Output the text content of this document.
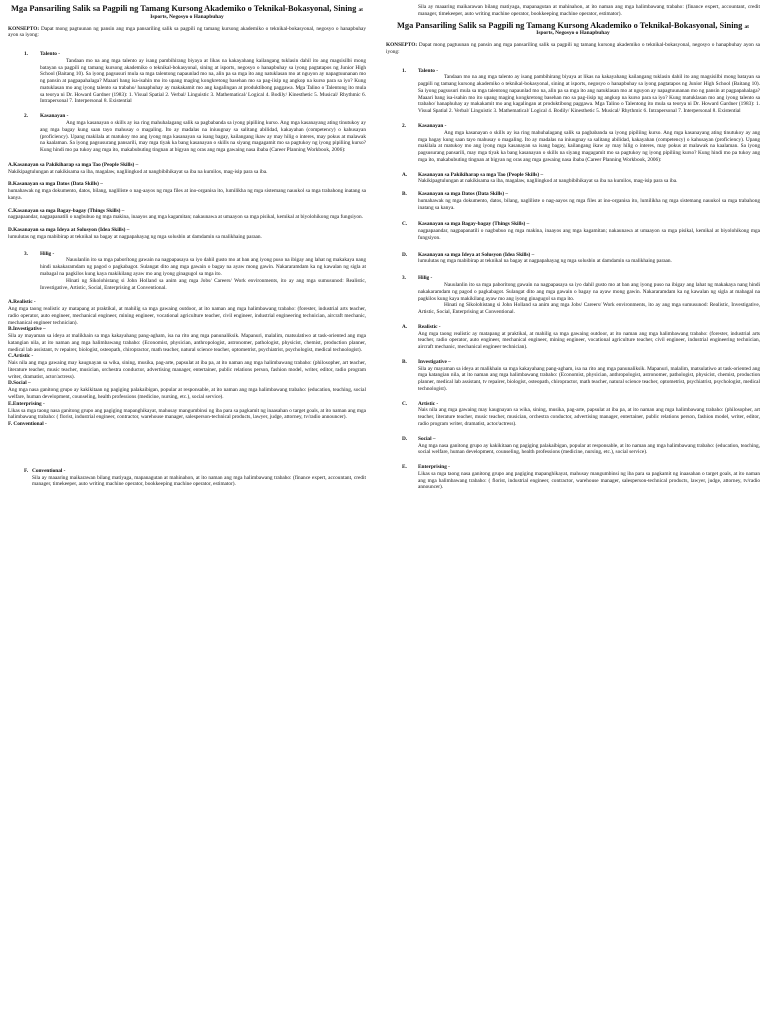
Mga Pansariling Salik sa Pagpili ng Tamang Kursong Akademiko o Teknikal-Bokasyonal, Sining at

Isports, Negosyo o Hanapbuhay

KONSEPTO: Dapat mong pagtuunan ng pansin ang mga pansariling salik sa pagpili ng tamang kursong akademiko o teknikal-bokasyonal, negosyo o hanapbuhay ayon sa iyong:

1.	Talento -

Tandaan mo na ang mga talento ay isang pambihirang biyaya at likas na kakayahang kailangang tuklasin dahil ito ang magsisilbi mong batayan sa pagpili ng tamang kursong akademiko o teknikal-bokasyonal, sining at isports, negosyo o hanapbuhay sa iyong pagtatapos ng Junior High School (Baitang 10). Sa iyong pagsusuri mula sa mga talentong napaunlad mo na, alin pa sa mga ito ang natuklasan mo at nguyon ay napagtuunanan mo ng pansin at pagpapahalaga? Maaari bang isa-isahin mo ito upang maging kongkretong basehan mo sa pag-iisip ng angkop na kurso para sa iyo? Kung matuklasan mo ang iyong talento sa trabaho/ hanaphuhay ay makakamit mo ang kagalingan at produktibong paggawa. Mga Talino o Talentong ito mula sa teorya ni Dr. Howard Gardner (1983): 1. Visual Spatial 2. Verbal/ Linguistic 3. Mathematical/ Logical 4. Bodily/ Kinesthetic 5. Musical/ Rhythmic 6. Intrapersonal 7. Interpersonal 8. Existential

2.	Kasanayan -

Ang mga kasanayan o skills ay isa ring mahuhalagang salik sa pagbabanda sa iyong pipiliing kurso. Ang mga kasanayang ating tinutukoy ay ang mga bagay kung saan tayo mahusay o magaling. Ito ay madalas na iniuugnay sa salitang abilidad, kakayahan (competency) o kahusayan (proficiency). Upang makilala at matukoy mo ang iyong mga kasanayan sa isang bagay, kailangang ikaw ay may hilig o interes, may pokus at malawak na kaalaman. Sa iyong pagsusurang pansarili, may mga tiyak ka bang kasanayan o skills na siyang magagamit mo sa pagtukoy ng iyong pipiliing kurso? Kung hindi mo pa tukoy ang mga ito, makabubuting tingnan at bigyan ng oras ang mga gawaing nasa ibaba (Career Planning Workbook, 2006):

A.Kasanayan sa Pakikiharap sa mga Tao (People Skills) –
Nakikipagtulungan at nakikisama sa iba, magalaw, nagliingkod at nangbibihikayat sa iba na kumilos, mag-isip para sa iba.
B.Kasanayan sa mga Datos (Data Skills) –
humahawak ng mga dokumento, datos, bilang, nagliliste o nag-aayos ng mga files at ino-organisa ito, lumilikha ng mga sistemang nauukol sa mga trabahong inatang sa kanya.
C.Kasanayan sa mga Bagay-bagay (Things Skills) –
nagpapaandar, nagpapanatili o nagbubuo ng mga makina, inaayos ang mga kagamitan; nakaunawa at umaayon sa mga pisikal, kemikal at biyolohikong mga fungsiyon.
D.Kasanayan sa mga Ideya at Solusyon (Idea Skills) –
lumulutas ng mga mabibirap at teknikal na bagay at nagpapahayag ng mga solusbin at damdamin sa malikhaing paraan.
3.	Hilig -

Nauulanlin ito sa mga paborítong gawain na nagpapasaya sa iyo dahil gusto mo at ban ang iyong puso na ibigay ang lahat ng makakaya nang hindi nakakaramdam ng pagod o pagkabagot. Sulangat dito ang mga gawain o bagay na ayaw mong gawin. Nakararamdam ka ng kawalan ng sigla at mabagal na pagkilos kung kaya makikilang ayaw mo ang iyong ginagugol sa mga ito.

Hinati ng Sikolohistang si John Holland sa anim ang mga Jobs/ Careers/ Work environments, ito ay ang mga sumusunod: Realistic, Investigative, Artistic, Social, Enterprising at Conventional.

A.Realistic -
Ang mga taong realistic ay matapang at praktikal, at mahilig sa mga gawaing outdoor, at ito naman ang mga halimbawang trabaho: (forester, industrial arts teacher, radio operator, auto engineer, mechanical engineer, mining engineer, vocational agriculture teacher, civil engineer, industrial engineering technician, aircraft mechanic, mechanical engineer technician).
B.Investigative –
Sila ay mayaman sa ideya at malikhain sa mga kakayahang pang-agham, isa na rito ang mga panunaliksik. Mapanuri, malalim, matsulatiwo at task-oriented ang mga katangian nila, at ito naman ang mga halimbawang trabaho: (Economist, physician, anthropologist, astronomer, pathologist, physicist, chemist, production planner, medical lab assistant, tv repairer, biologist, osteopath, chiropractor, math teacher, natural science teacher, optometrist, psychiatrist, psychologist, medical technologist).
C.Artistic -
Nais nila ang mga gawaing may kaugnayan sa wika, sining, musika, pag-arte, papsulat at iba pa, at ito naman ang mga halimbawang trabaho: (philosopher, art teacher, literature teacher, music teacher, musician, orchestra conductor, advertising manager, entertainer, public relations person, fashion model, writer, editor, radio program writer, dramatist, actor/actress).
D.Social –
Ang mga nasa ganitong grupo ay kakikitaan ng pagiging palakaibigan, popular at responsable, at ito naman ang mga halimbawang trabaho: (education, teaching, social welfare, human development, counseling, health professions (medicine, nursing, etc.), social service).
E.Enterprising -
Likas sa mga taong nasa ganitong grupo ang pagiging mapanghikayat, mahusay mangumbinsi ng iba para sa pagkamit ng inaasahan o target goals, at ito naman ang mga halimbawang trabaho: ( florist, industrial engineer, contractor, warehouse manager, salesperson-technical products, lawyer, judge, attorney, tv/radio announcer).
F. Conventional -
F. Conventional -
Sila ay maaaring maikarawan bilang matiyaga, mapanagutan at mahinahon, at ito naman ang mga halimbawang trabaho: (finance expert, accountant, credit manager, timekeeper, auto writing machine operator, bookkeeping machine operator, estimator).

Sila ay maaaring maikarawan bilang matiyaga, mapanagutan at mahinahon, at ito naman ang mga halimbawang trabaho: (finance expert, accountant, credit manager, timekeeper, auto writing machine operator, bookkeeping machine operator, estimator).

Mga Pansariling Salik sa Pagpili ng Tamang Kursong Akademiko o Teknikal-Bokasyonal, Sining at

Isports, Negosyo o Hanapbuhay

KONSEPTO: Dapat mong pagtuunan ng pansin ang mga pansariling salik sa pagpili ng tamang kursong akademiko o teknikal-bokasyonal, negosyo o hanapbuhay ayon sa iyong:

1.	Talento -

Tandaan mo na ang mga talento ay isang pambihirang biyaya at likas na kakayahang kailangang tuklasin dahil ito ang magsisilbi mong batayan sa pagpili ng tamang kursong akademiko o teknikal-bokasyonal, sining at isports, negosyo o hanapbuhay sa iyong pagtatapos ng Junior High School (Baitang 10). Sa iyong pagsusuri mula sa mga talentong napaunlad mo na, alin pa sa mga ito ang natuklasan mo at nguyon ay napagtuunanan mo ng pansin at pagpapahalaga? Maaari bang isa-isahin mo ito upang maging kongkretong basehan mo sa pag-iisip ng angkop na kurso para sa iyo? Kung matuklasan mo ang iyong talento sa trabaho/ hanaphuhay ay makakamit mo ang kagalingan at produktibong paggawa. Mga Talino o Talentong ito mula sa teorya ni Dr. Howard Gardner (1983): 1. Visual Spatial 2. Verbal/ Linguistic 3. Mathematical/ Logical 4. Bodily/ Kinesthetic 5. Musical/ Rhythmic 6. Intrapersonal 7. Interpersonal 8. Existential

2.	Kasanayan -

Ang mga kasanayan o skills ay isa ring mahuhalagang salik sa pagbabanda sa iyong pipiliing kurso. Ang mga kasanayang ating tinutukoy ay ang mga bagay kung saan tayo mahusay o magaling. Ito ay madalas na iniuugnay sa salitang abilidad, kakayahan (competency) o kahusayan (proficiency). Upang makilala at matukoy mo ang iyong mga kasanayan sa isang bagay, kailangang ikaw ay may hilig o interes, may pokus at malawak na kaalaman. Sa iyong pagsusurang pansarili, may mga tiyak ka bang kasanayan o skills na siyang magagamit mo sa pagtukoy ng iyong pipiliing kurso? Kung hindi mo pa tukoy ang mga ito, makabubuting tingnan at bigyan ng oras ang mga gawaing nasa ibaba (Career Planning Workbook, 2006):

A.	Kasanayan sa Pakikiharap sa mga Tao (People Skills) –
Nakikipagtulungan at nakikisama sa iba, magalaw, nagliingkod at nangbibihikayat sa iba na kumilos, mag-isip para sa iba.
B.	Kasanayan sa mga Datos (Data Skills) –
humahawak ng mga dokumento, datos, bilang, nagliliste o nag-aayos ng mga files at ino-organisa ito, lumilikha ng mga sistemang nauukol sa mga trabahong inatang sa kanya.
C.	Kasanayan sa mga Bagay-bagay (Things Skills) –
nagpapaandar, nagpapanatili o nagbubuo ng mga makina, inaayos ang mga kagamitan; nakaunawa at umaayon sa mga pisikal, kemikal at biyolohikong mga fungsiyon.
D.	Kasanayan sa mga Ideya at Solusyon (Idea Skills) –
lumulutas ng mga mabibirap at teknikal na bagay at nagpapahayag ng mga solusbin at damdamin sa malikhaing paraan.
3.	Hilig -

Nauulanlin ito sa mga paborítong gawain na nagpapasaya sa iyo dahil gusto mo at ban ang iyong puso na ibigay ang lahat ng makakaya nang hindi nakakaramdam ng pagod o pagkabagot. Sulangat dito ang mga gawain o bagay na ayaw mong gawin. Nakararamdam ka ng kawalan ng sigla at mabagal na pagkilos kung kaya makikilang ayaw mo ang iyong ginagugol sa mga ito.

Hinati ng Sikolohistang si John Holland sa anim ang mga Jobs/ Careers/ Work environments, ito ay ang mga sumusunod: Realistic, Investigative, Artistic, Social, Enterprising at Conventional.

A.	Realistic -
Ang mga taong realistic ay matapang at praktikal, at mahilig sa mga gawaing outdoor, at ito naman ang mga halimbawang trabaho: (forester, industrial arts teacher, radio operator, auto engineer, mechanical engineer, mining engineer, vocational agriculture teacher, civil engineer, industrial engineering technician, aircraft mechanic, mechanical engineer technician).
B.	Investigative –
Sila ay mayaman sa ideya at malikhain sa mga kakayahang pang-agham, isa na rito ang mga panunaliksik. Mapanuri, malalim, matsulatiwo at task-oriented ang mga katangian nila, at ito naman ang mga halimbawang trabaho: (Economist, physician, anthropologist, astronomer, pathologist, physicist, chemist, production planner, medical lab assistant, tv repairer, biologist, osteopath, chiropractor, math teacher, natural science teacher, optometrist, psychiatrist, psychologist, medical technologist).
C.	Artistic -
Nais nila ang mga gawaing may kaugnayan sa wika, sining, musika, pag-arte, papsulat at iba pa, at ito naman ang mga halimbawang trabaho: (philosopher, art teacher, literature teacher, music teacher, musician, orchestra conductor, advertising manager, entertainer, public relations person, fashion model, writer, editor, radio program writer, dramatist, actor/actress).
D.	Social –
Ang mga nasa ganitong grupo ay kakikitaan ng pagiging palakaibigan, popular at responsable, at ito naman ang mga halimbawang trabaho: (education, teaching, social welfare, human development, counseling, health professions (medicine, nursing, etc.), social service).
E.	Enterprising -
Likas sa mga taong nasa ganitong grupo ang pagiging mapanghikayat, mahusay mangumbinsi ng iba para sa pagkamit ng inaasahan o target goals, at ito naman ang mga halimbawang trabaho: ( florist, industrial engineer, contractor, warehouse manager, salesperson-technical products, lawyer, judge, attorney, tv/radio announcer).
